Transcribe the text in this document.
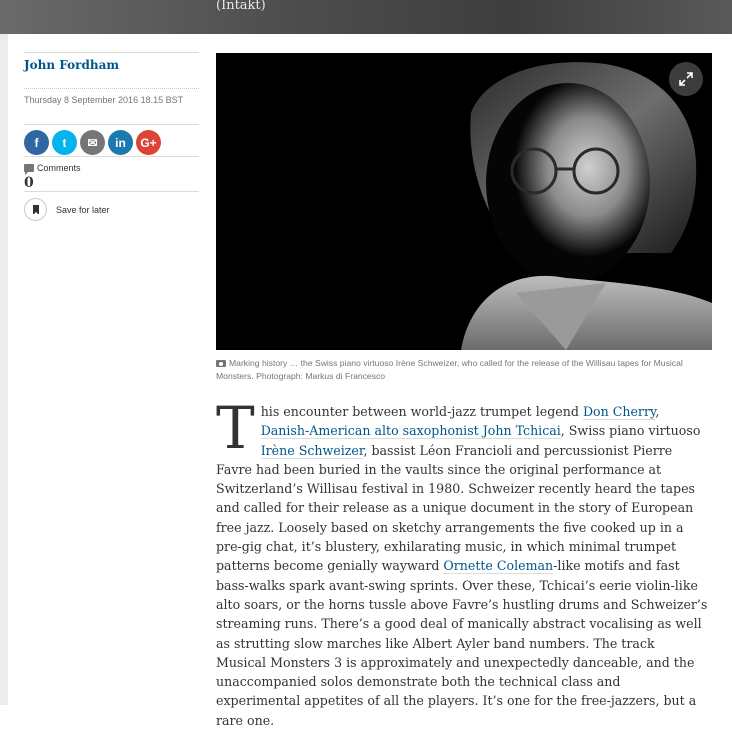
(Intakt)
John Fordham
Thursday 8 September 2016 18.15 BST
f	t	✉	in	G+
Comments
0
Save for later
Marking history … the Swiss piano virtuoso Irène Schweizer, who called for the release of the Willisau tapes for Musical Monsters. Photograph: Markus di Francesco
This encounter between world-jazz trumpet legend Don Cherry, Danish-American alto saxophonist John Tchicai, Swiss piano virtuoso Irène Schweizer, bassist Léon Francioli and percussionist Pierre Favre had been buried in the vaults since the original performance at Switzerland’s Willisau festival in 1980. Schweizer recently heard the tapes and called for their release as a unique document in the story of European free jazz. Loosely based on sketchy arrangements the five cooked up in a pre-gig chat, it’s blustery, exhilarating music, in which minimal trumpet patterns become genially wayward Ornette Coleman-like motifs and fast bass-walks spark avant-swing sprints. Over these, Tchicai’s eerie violin-like alto soars, or the horns tussle above Favre’s hustling drums and Schweizer’s streaming runs. There’s a good deal of manically abstract vocalising as well as strutting slow marches like Albert Ayler band numbers. The track Musical Monsters 3 is approximately and unexpectedly danceable, and the unaccompanied solos demonstrate both the technical class and experimental appetites of all the players. It’s one for the free-jazzers, but a rare one.
